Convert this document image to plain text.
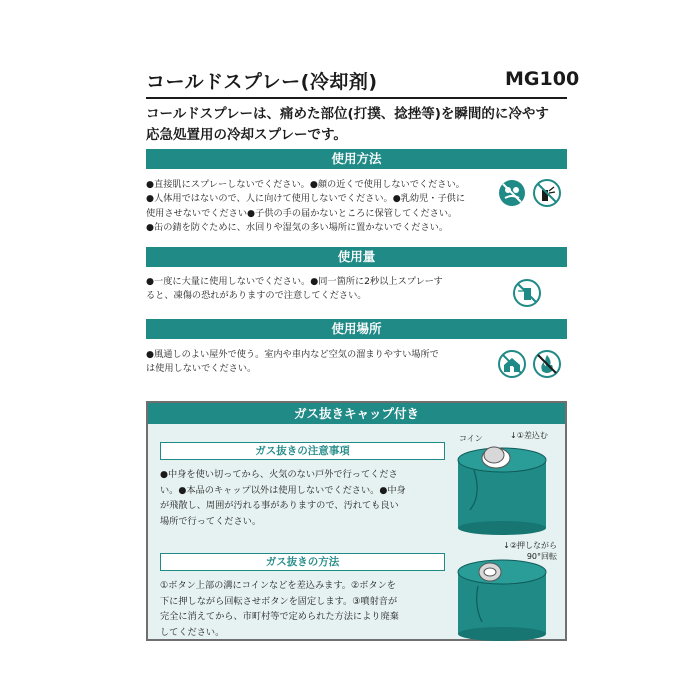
コールドスプレー(冷却剤)	MG100
コールドスプレーは、痛めた部位(打撲、捻挫等)を瞬間的に冷やす
応急処置用の冷却スプレーです。
使用方法
●直接肌にスプレーしないでください。●顔の近くで使用しないでください。
●人体用ではないので、人に向けて使用しないでください。●乳幼児・子供に
使用させないでください●子供の手の届かないところに保管してください。
●缶の錆を防ぐために、水回りや湿気の多い場所に置かないでください。
使用量
●一度に大量に使用しないでください。●同一箇所に2秒以上スプレーす
ると、凍傷の恐れがありますので注意してください。
使用場所
●風通しのよい屋外で使う。室内や車内など空気の溜まりやすい場所で
は使用しないでください。
ガス抜きキャップ付き
ガス抜きの注意事項
●中身を使い切ってから、火気のない戸外で行ってくださ
い。●本品のキャップ以外は使用しないでください。●中身
が飛散し、周囲が汚れる事がありますので、汚れても良い
場所で行ってください。
ガス抜きの方法
①ボタン上部の溝にコインなどを差込みます。②ボタンを
下に押しながら回転させボタンを固定します。③噴射音が
完全に消えてから、市町村等で定められた方法により廃棄
してください。
コイン	↓①差込む
↓②押しながら
90°回転
